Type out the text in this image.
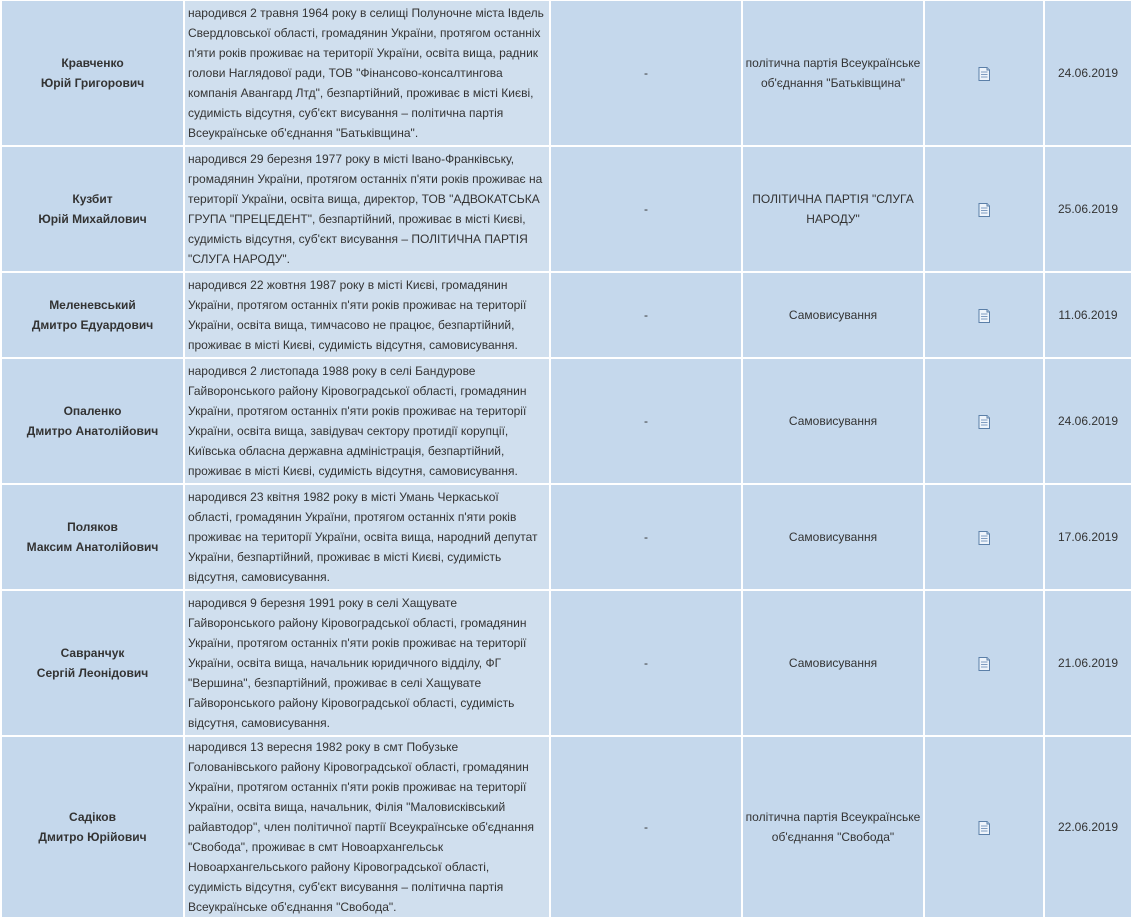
Кравченко
Юрій Григорович	народився 2 травня 1964 року в селищі Полуночне міста Івдель Свердловської області, громадянин України, протягом останніх п'яти років проживає на території України, освіта вища, радник голови Наглядової ради, ТОВ "Фінансово-консалтингова компанія Авангард Лтд", безпартійний, проживає в місті Києві, судимість відсутня, суб'єкт висування – політична партія Всеукраїнське об'єднання "Батьківщина".	-	політична партія Всеукраїнське об'єднання "Батьківщина"		24.06.2019

Кузбит
Юрій Михайлович	народився 29 березня 1977 року в місті Івано-Франківську, громадянин України, протягом останніх п'яти років проживає на території України, освіта вища, директор, ТОВ "АДВОКАТСЬКА ГРУПА "ПРЕЦЕДЕНТ", безпартійний, проживає в місті Києві, судимість відсутня, суб'єкт висування – ПОЛІТИЧНА ПАРТІЯ "СЛУГА НАРОДУ".	-	ПОЛІТИЧНА ПАРТІЯ "СЛУГА НАРОДУ"		25.06.2019

Меленевський
Дмитро Едуардович	народився 22 жовтня 1987 року в місті Києві, громадянин України, протягом останніх п'яти років проживає на території України, освіта вища, тимчасово не працює, безпартійний, проживає в місті Києві, судимість відсутня, самовисування.	-	Самовисування		11.06.2019

Опаленко
Дмитро Анатолійович	народився 2 листопада 1988 року в селі Бандурове Гайворонського району Кіровоградської області, громадянин України, протягом останніх п'яти років проживає на території України, освіта вища, завідувач сектору протидії корупції, Київська обласна державна адміністрація, безпартійний, проживає в місті Києві, судимість відсутня, самовисування.	-	Самовисування		24.06.2019

Поляков
Максим Анатолійович	народився 23 квітня 1982 року в місті Умань Черкаської області, громадянин України, протягом останніх п'яти років проживає на території України, освіта вища, народний депутат України, безпартійний, проживає в місті Києві, судимість відсутня, самовисування.	-	Самовисування		17.06.2019

Савранчук
Сергій Леонідович	народився 9 березня 1991 року в селі Хащувате Гайворонського району Кіровоградської області, громадянин України, протягом останніх п'яти років проживає на території України, освіта вища, начальник юридичного відділу, ФГ "Вершина", безпартійний, проживає в селі Хащувате Гайворонського району Кіровоградської області, судимість відсутня, самовисування.	-	Самовисування		21.06.2019

Садіков
Дмитро Юрійович	народився 13 вересня 1982 року в смт Побузьке Голованівського району Кіровоградської області, громадянин України, протягом останніх п'яти років проживає на території України, освіта вища, начальник, Філія "Маловисківський райавтодор", член політичної партії Всеукраїнське об'єднання "Свобода", проживає в смт Новоархангельськ Новоархангельського району Кіровоградської області, судимість відсутня, суб'єкт висування – політична партія Всеукраїнське об'єднання "Свобода".	-	політична партія Всеукраїнське об'єднання "Свобода"		22.06.2019
